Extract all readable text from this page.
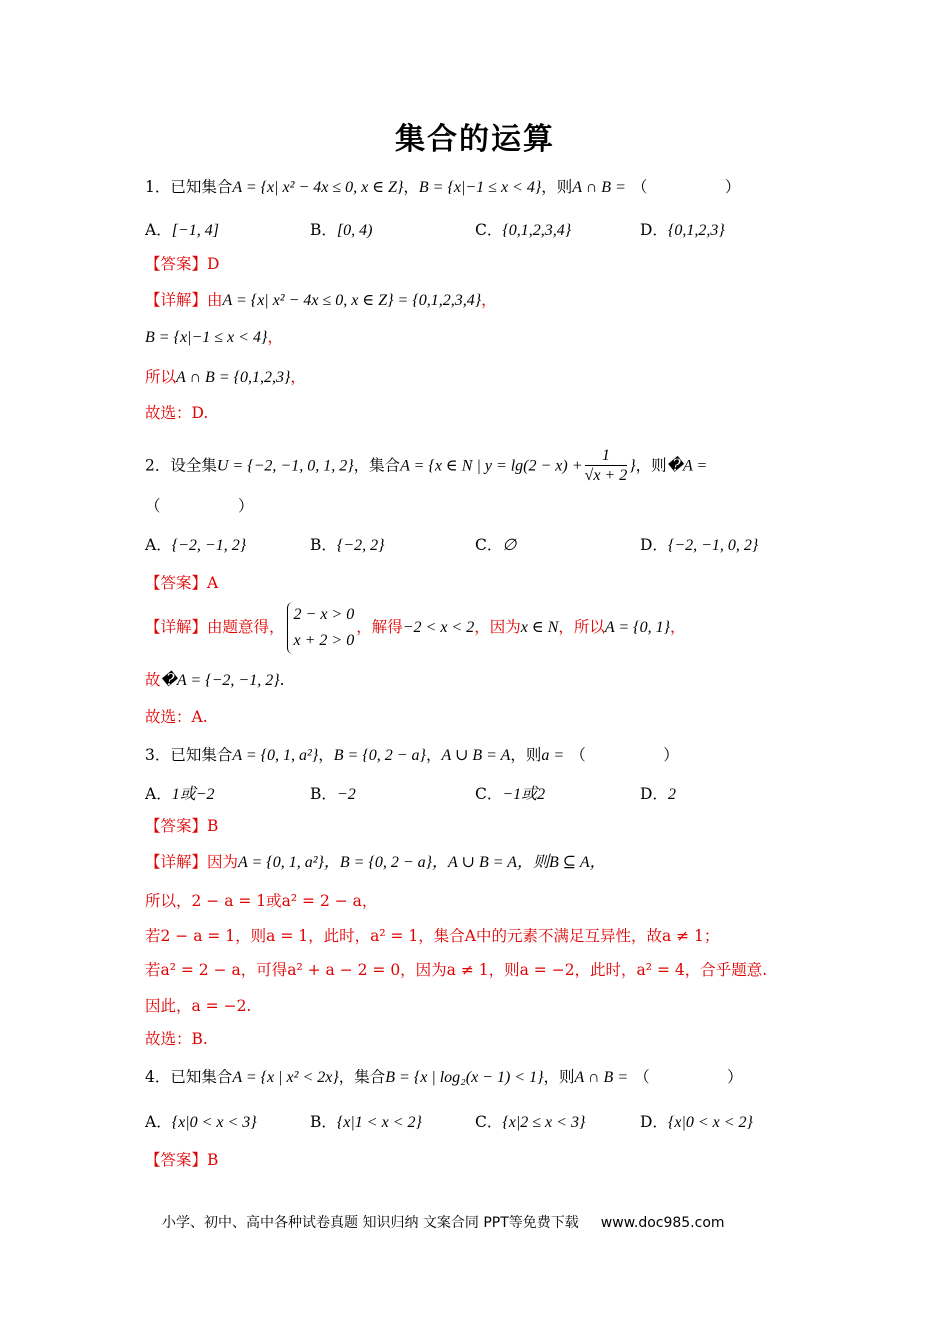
集合的运算
1．已知集合A = {x| x² − 4x ≤ 0, x ∈ Z}，B = {x|−1 ≤ x < 4}，则A ∩ B = （　　　　　）
A．[−1, 4]	B．[0, 4)	C．{0,1,2,3,4}	D．{0,1,2,3}
【答案】D
【详解】由A = {x| x² − 4x ≤ 0, x ∈ Z} = {0,1,2,3,4}，
B = {x|−1 ≤ x < 4}，
所以A ∩ B = {0,1,2,3}，
故选：D.
2．设全集U = {−2, −1, 0, 1, 2}，集合A = {x ∈ N | $y = \lg(2 - x) + \frac{1}{√x + 2}$ }，则�A =
（　　　　　）
A．{−2, −1, 2}	B．{−2, 2}	C．∅	D．{−2, −1, 0, 2}
【答案】A
【详解】由题意得，
2 − x > 0
x + 2 > 0
，解得−2 < x < 2，因为x ∈ N，所以A = {0, 1}，
故�A = {−2, −1, 2}.
故选：A.
3．已知集合A = {0, 1, a²}，B = {0, 2 − a}，A ∪ B = A，则a = （　　　　　）
A．1或−2	B．−2	C．−1或2	D．2
【答案】B
【详解】因为A = {0, 1, a²}，B = {0, 2 − a}，A ∪ B = A，则B ⊆ A，
所以，2 − a = 1或a² = 2 − a，
若2 − a = 1，则a = 1，此时，a² = 1，集合A中的元素不满足互异性，故a ≠ 1；
若a² = 2 − a，可得a² + a − 2 = 0，因为a ≠ 1，则a = −2，此时，a² = 4，合乎题意.
因此，a = −2.
故选：B.
4．已知集合A = {x | x² < 2x}，集合B = {x | log₂(x − 1) < 1}，则A ∩ B = （　　　　　）
A．{x|0 < x < 3}	B．{x|1 < x < 2}	C．{x|2 ≤ x < 3}	D．{x|0 < x < 2}
【答案】B
小学、初中、高中各种试卷真题 知识归纳 文案合同 PPT等免费下载 www.doc985.com
